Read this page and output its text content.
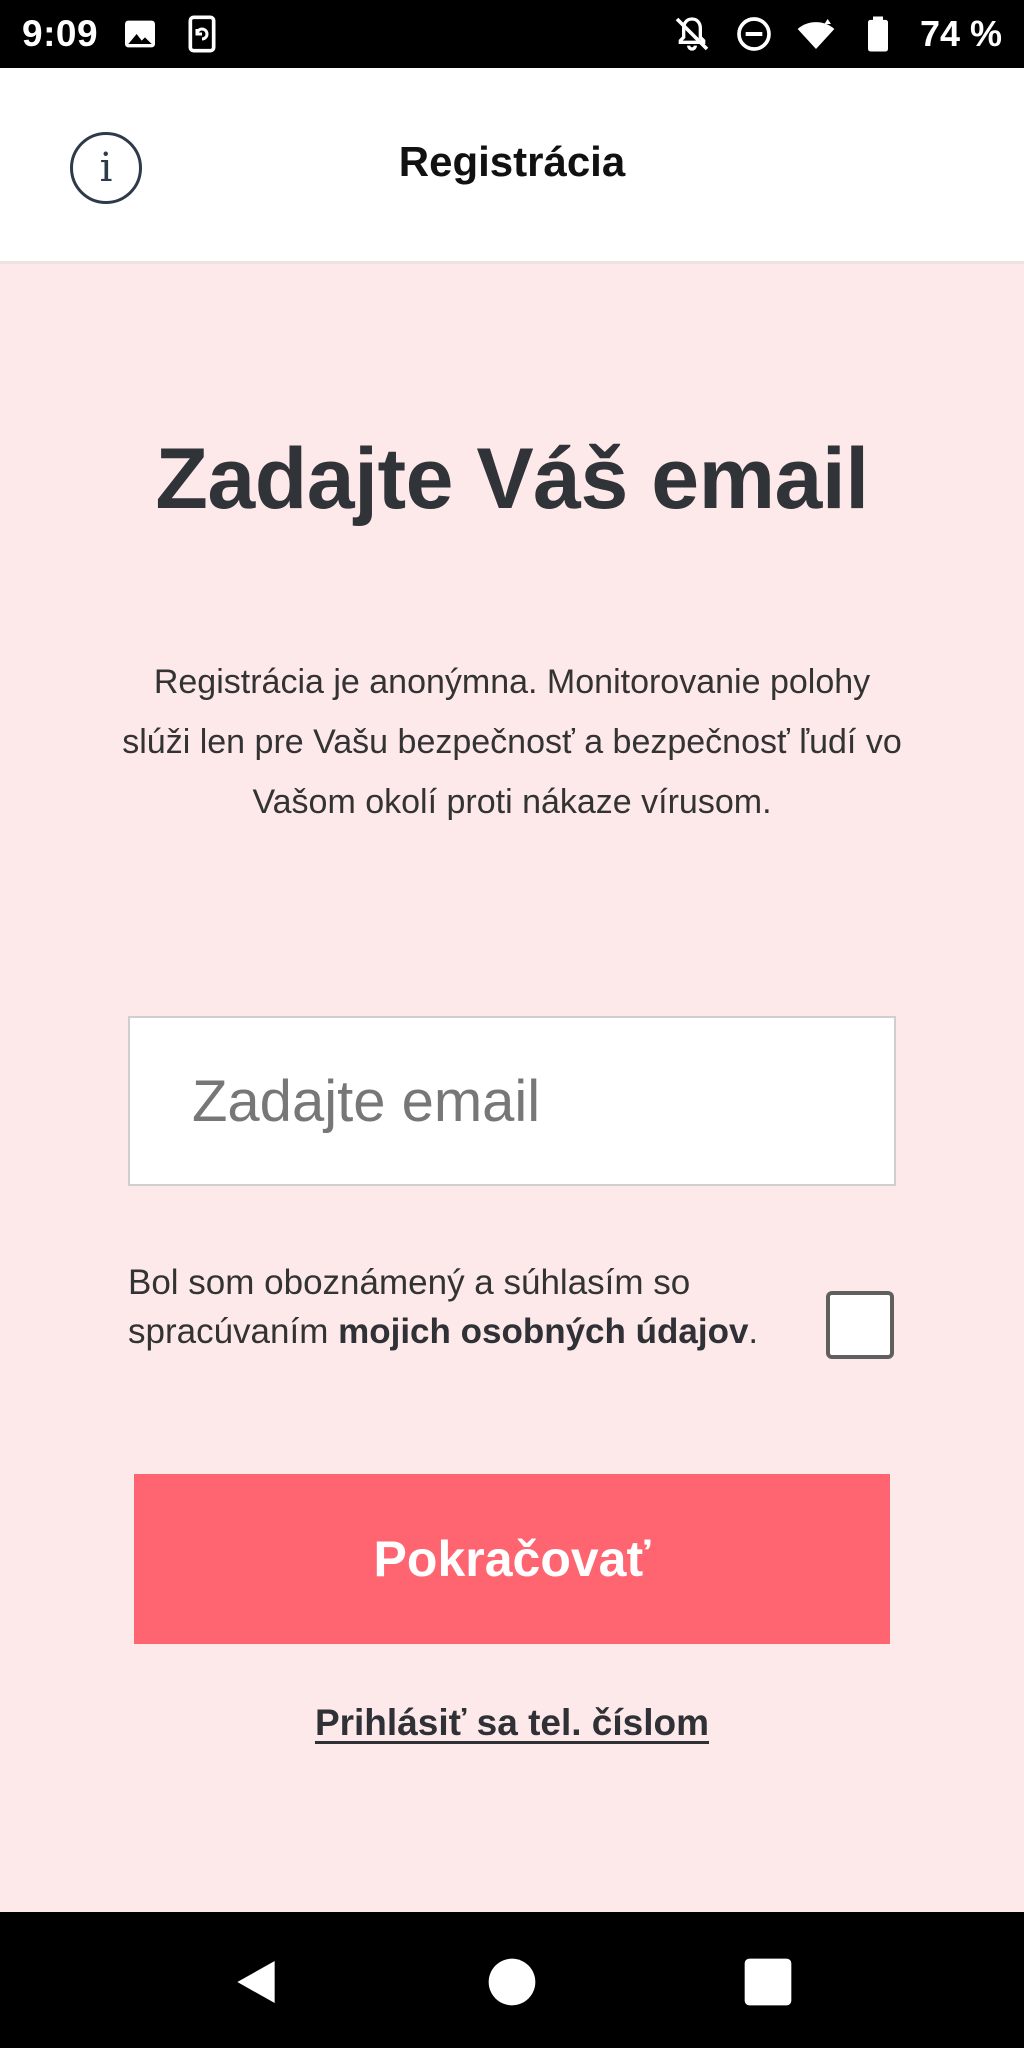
9:09	74 %
i	Registrácia
Zadajte Váš email

Registrácia je anonýmna. Monitorovanie polohy slúži len pre Vašu bezpečnosť a bezpečnosť ľudí vo Vašom okolí proti nákaze vírusom.

Zadajte email
Bol som oboznámený a súhlasím so spracúvaním mojich osobných údajov.
Pokračovať
Prihlásiť sa tel. číslom
